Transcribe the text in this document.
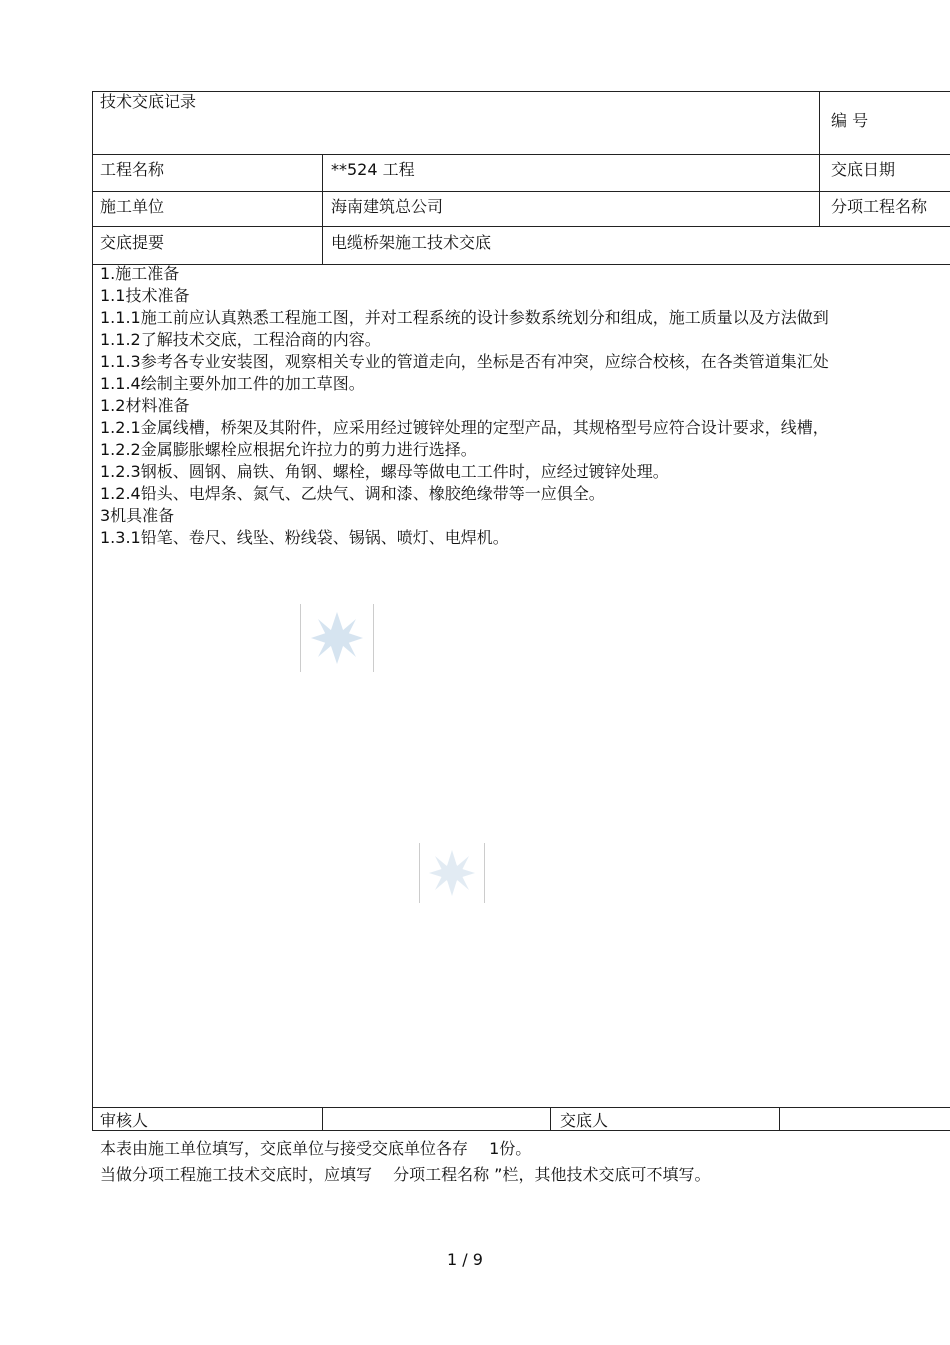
技术交底记录
编 号
工程名称	**524 工程	交底日期
施工单位	海南建筑总公司	分项工程名称
交底提要	电缆桥架施工技术交底
1.施工准备
1.1技术准备
1.1.1施工前应认真熟悉工程施工图，并对工程系统的设计参数系统划分和组成，施工质量以及方法做到
1.1.2了解技术交底，工程洽商的内容。
1.1.3参考各专业安装图，观察相关专业的管道走向，坐标是否有冲突，应综合校核，在各类管道集汇处
1.1.4绘制主要外加工件的加工草图。
1.2材料准备
1.2.1金属线槽，桥架及其附件，应采用经过镀锌处理的定型产品，其规格型号应符合设计要求，线槽，
1.2.2金属膨胀螺栓应根据允许拉力的剪力进行选择。
1.2.3钢板、圆钢、扁铁、角钢、螺栓，螺母等做电工工件时，应经过镀锌处理。
1.2.4铅头、电焊条、氮气、乙炔气、调和漆、橡胶绝缘带等一应俱全。
3机具准备
1.3.1铅笔、卷尺、线坠、粉线袋、锡锅、喷灯、电焊机。
审核人	交底人
本表由施工单位填写，交底单位与接受交底单位各存　 1份。
当做分项工程施工技术交底时，应填写　 分项工程名称 ”栏，其他技术交底可不填写。
1 / 9
